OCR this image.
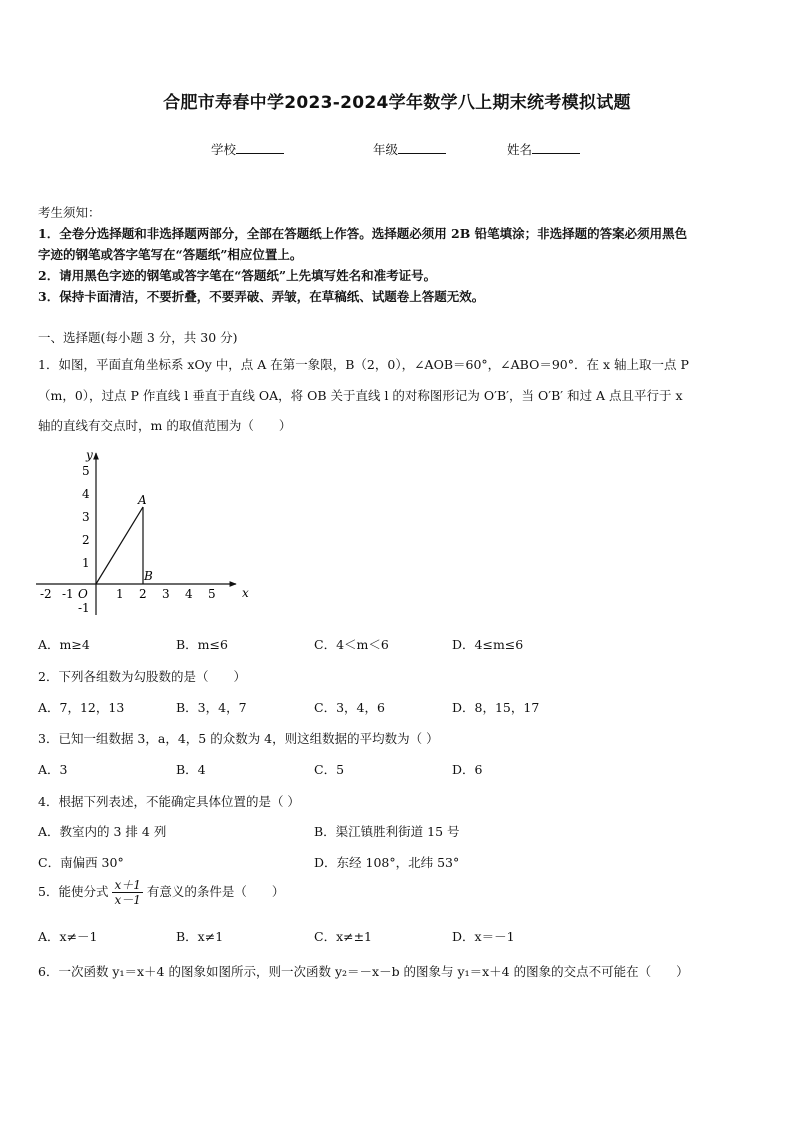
合肥市寿春中学2023-2024学年数学八上期末统考模拟试题
学校	年级	姓名
考生须知：
1．全卷分选择题和非选择题两部分，全部在答题纸上作答。选择题必须用 2B 铅笔填涂；非选择题的答案必须用黑色
字迹的钢笔或答字笔写在“答题纸”相应位置上。
2．请用黑色字迹的钢笔或答字笔在“答题纸”上先填写姓名和准考证号。
3．保持卡面清洁，不要折叠，不要弄破、弄皱，在草稿纸、试题卷上答题无效。
一、选择题(每小题 3 分，共 30 分)
1．如图，平面直角坐标系 xOy 中，点 A 在第一象限，B（2，0），∠AOB＝60°，∠ABO＝90°．在 x 轴上取一点 P
（m，0），过点 P 作直线 l 垂直于直线 OA，将 OB 关于直线 l 的对称图形记为 O′B′，当 O′B′ 和过 A 点且平行于 x
轴的直线有交点时，m 的取值范围为（　　）
x
y
O
A
B
-2 -1	1 2 3 4 5
5
4
3
2
1
-1
A．m≥4	B．m≤6	C．4＜m＜6	D．4≤m≤6
2．下列各组数为勾股数的是（　　）
A．7，12，13	B．3，4，7	C．3，4，6	D．8，15，17
3．已知一组数据 3，a，4，5 的众数为 4，则这组数据的平均数为（ ）
A．3	B．4	C．5	D．6
4．根据下列表述，不能确定具体位置的是（ ）
A．教室内的 3 排 4 列	B．渠江镇胜利街道 15 号
C．南偏西 30°	D．东经 108°，北纬 53°
5．能使分式 $\frac{x+1}{x-1}$ 有意义的条件是（　　）
A．x≠－1	B．x≠1	C．x≠±1	D．x＝－1
6．一次函数 y₁＝x＋4 的图象如图所示，则一次函数 y₂＝－x－b 的图象与 y₁＝x＋4 的图象的交点不可能在（　　）
